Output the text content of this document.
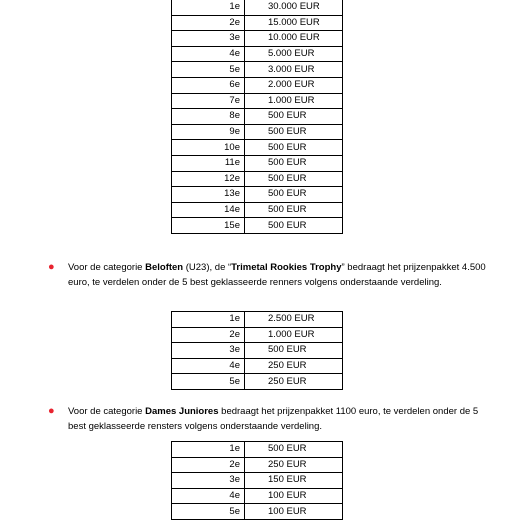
1e	30.000 EUR
2e	15.000 EUR
3e	10.000 EUR
4e	5.000 EUR
5e	3.000 EUR
6e	2.000 EUR
7e	1.000 EUR
8e	500 EUR
9e	500 EUR
10e	500 EUR
11e	500 EUR
12e	500 EUR
13e	500 EUR
14e	500 EUR
15e	500 EUR

● Voor de categorie Beloften (U23), de “Trimetal Rookies Trophy” bedraagt het prijzenpakket 4.500 euro, te verdelen onder de 5 best geklasseerde renners volgens onderstaande verdeling.

1e	2.500 EUR
2e	1.000 EUR
3e	500 EUR
4e	250 EUR
5e	250 EUR

● Voor de categorie Dames Juniores bedraagt het prijzenpakket 1100 euro, te verdelen onder de 5 best geklasseerde rensters volgens onderstaande verdeling.

1e	500 EUR
2e	250 EUR
3e	150 EUR
4e	100 EUR
5e	100 EUR
